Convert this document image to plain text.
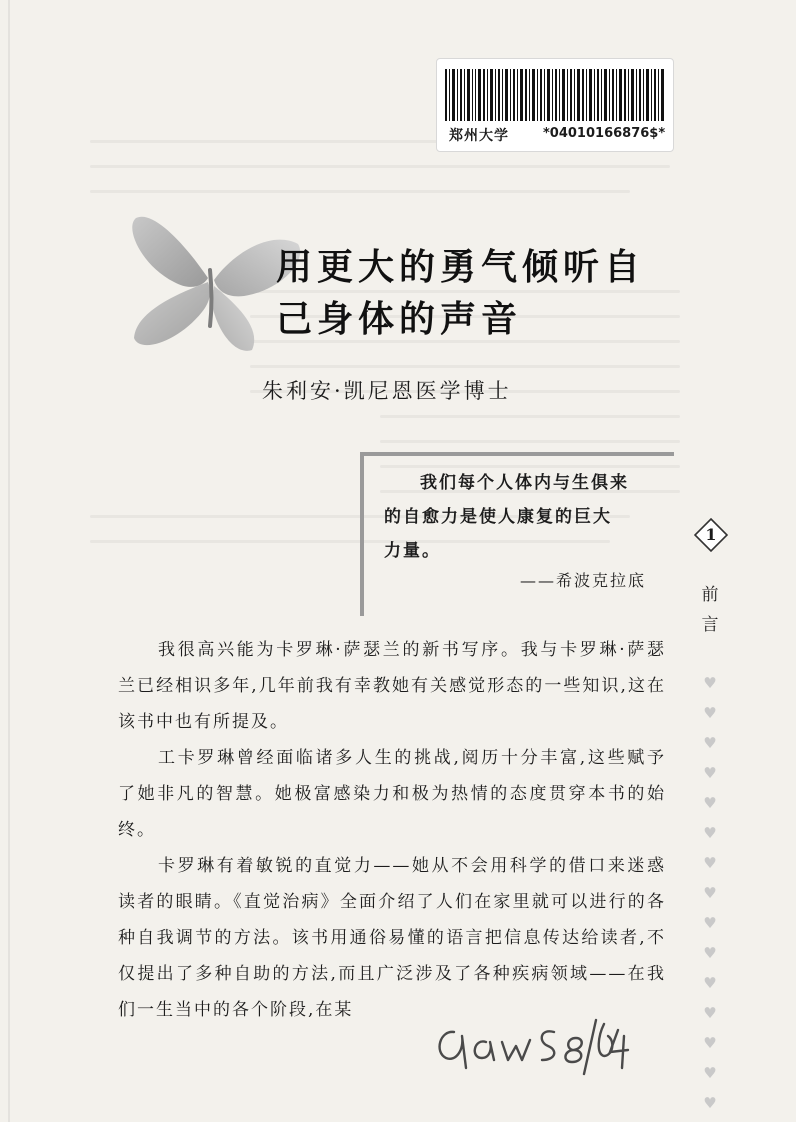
郑州大学	*04010166876$*
用更大的勇气倾听自
己身体的声音
朱利安·凯尼恩医学博士

我们每个人体内与生俱来

的自愈力是使人康复的巨大

力量。

——希波克拉底

我很高兴能为卡罗琳·萨瑟兰的新书写序。我与卡罗琳·萨瑟兰已经相识多年,几年前我有幸教她有关感觉形态的一些知识,这在该书中也有所提及。

工卡罗琳曾经面临诸多人生的挑战,阅历十分丰富,这些赋予了她非凡的智慧。她极富感染力和极为热情的态度贯穿本书的始终。

卡罗琳有着敏锐的直觉力——她从不会用科学的借口来迷惑读者的眼睛。《直觉治病》全面介绍了人们在家里就可以进行的各种自我调节的方法。该书用通俗易懂的语言把信息传达给读者,不仅提出了多种自助的方法,而且广泛涉及了各种疾病领域——在我们一生当中的各个阶段,在某

1
前
言
♥
♥
♥
♥
♥
♥
♥
♥
♥
♥
♥
♥
♥
♥
♥
